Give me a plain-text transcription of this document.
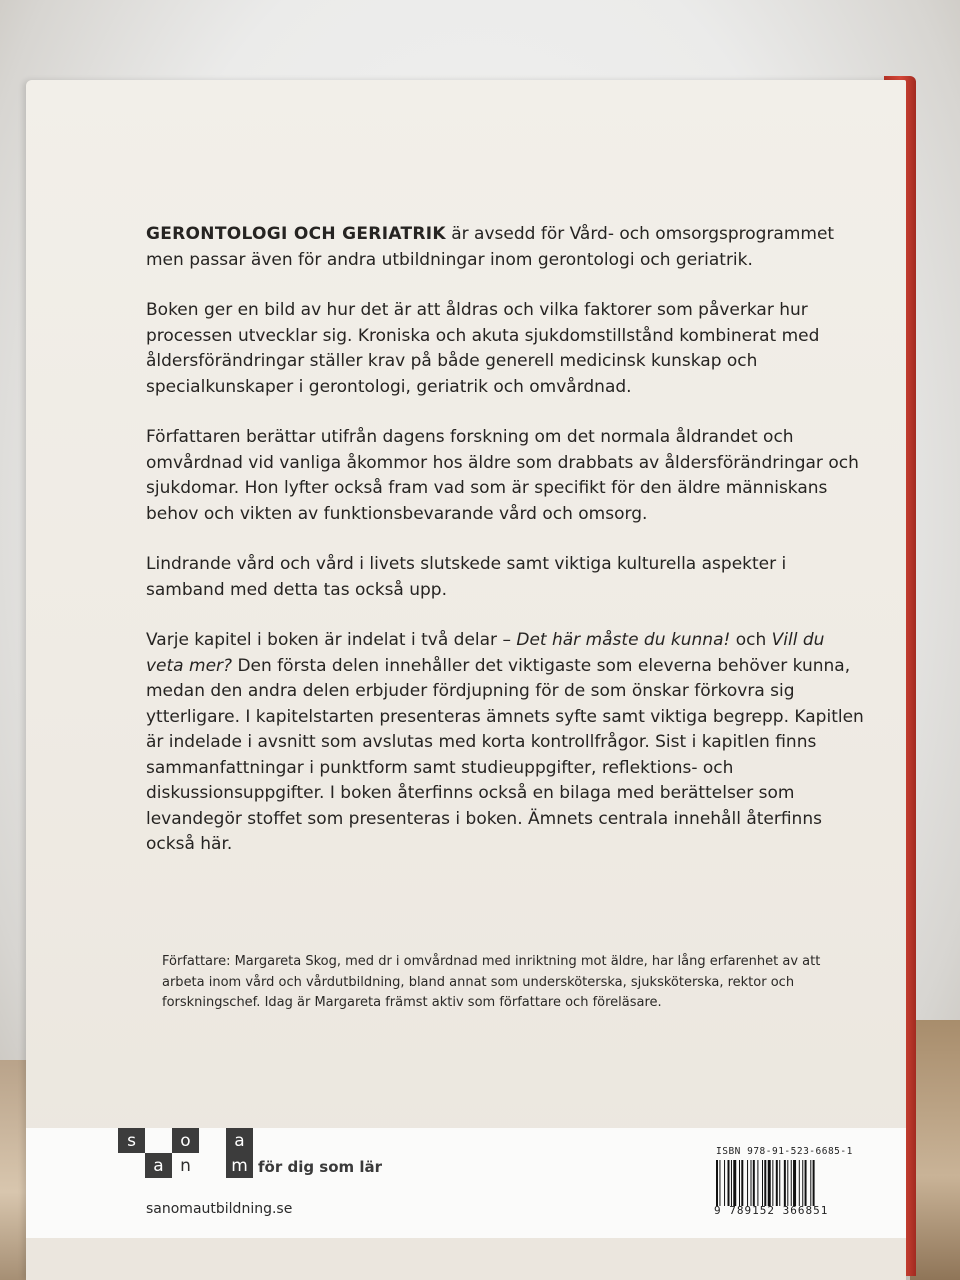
GERONTOLOGI OCH GERIATRIK är avsedd för Vård- och omsorgsprogrammet men passar även för andra utbildningar inom gerontologi och geriatrik.

Boken ger en bild av hur det är att åldras och vilka faktorer som påverkar hur processen utvecklar sig. Kroniska och akuta sjukdomstillstånd kombinerat med åldersförändringar ställer krav på både generell medicinsk kunskap och specialkunskaper i gerontologi, geriatrik och omvårdnad.

Författaren berättar utifrån dagens forskning om det normala åldrandet och omvårdnad vid vanliga åkommor hos äldre som drabbats av åldersförändringar och sjukdomar. Hon lyfter också fram vad som är specifikt för den äldre människans behov och vikten av funktionsbevarande vård och omsorg.

Lindrande vård och vård i livets slutskede samt viktiga kulturella aspekter i samband med detta tas också upp.

Varje kapitel i boken är indelat i två delar – Det här måste du kunna! och Vill du veta mer? Den första delen innehåller det viktigaste som eleverna behöver kunna, medan den andra delen erbjuder fördjupning för de som önskar förkovra sig ytterligare. I kapitelstarten presenteras ämnets syfte samt viktiga begrepp. Kapitlen är indelade i avsnitt som avslutas med korta kontrollfrågor. Sist i kapitlen finns sammanfattningar i punktform samt studieuppgifter, reflektions- och diskussionsuppgifter. I boken återfinns också en bilaga med berättelser som levandegör stoffet som presenteras i boken. Ämnets centrala innehåll återfinns också här.

Författare: Margareta Skog, med dr i omvårdnad med inriktning mot äldre, har lång erfarenhet av att arbeta inom vård och vårdutbildning, bland annat som undersköterska, sjuksköterska, rektor och forskningschef. Idag är Margareta främst aktiv som författare och föreläsare.
s	o	a
a n	m för dig som lär
sanomautbildning.se
ISBN 978-91-523-6685-1
9 789152 366851
